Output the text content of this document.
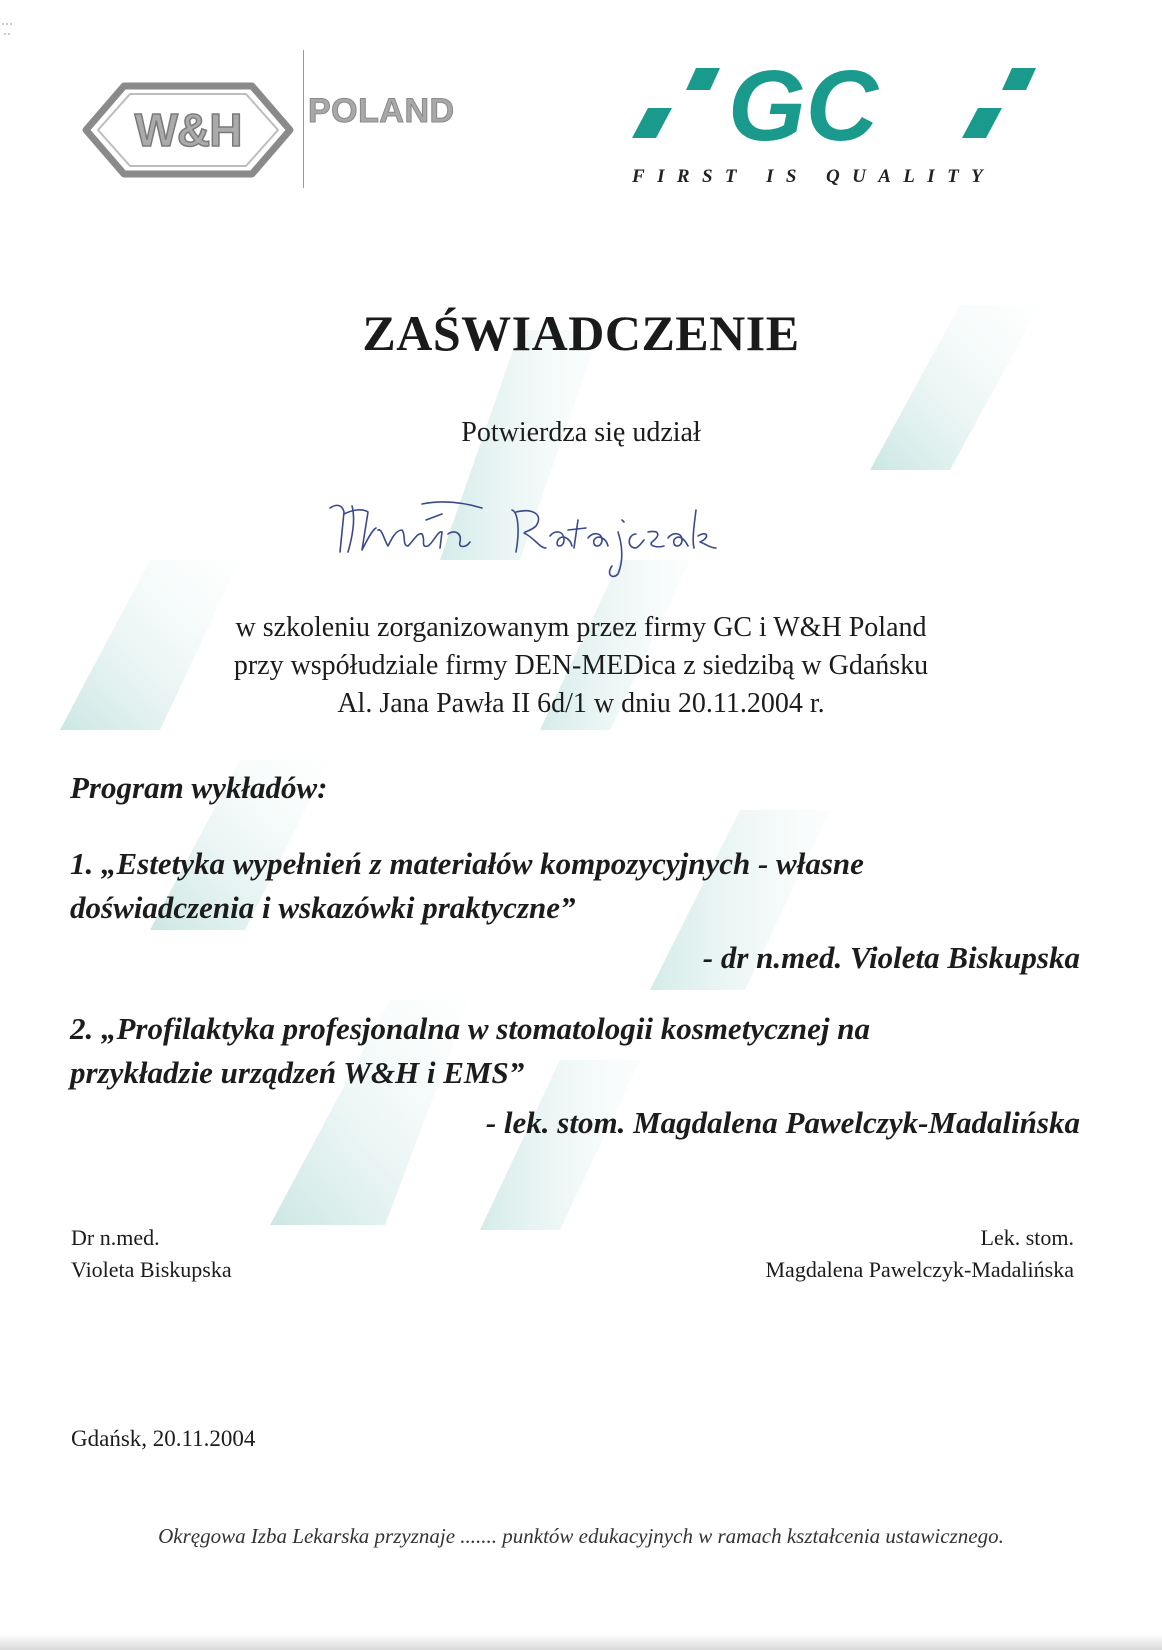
W&H POLAND	GC
FIRST IS QUALITY
ZAŚWIADCZENIE
Potwierdza się udział
w szkoleniu zorganizowanym przez firmy GC i W&H Poland
przy współudziale firmy DEN-MEDica z siedzibą w Gdańsku
Al. Jana Pawła II 6d/1 w dniu 20.11.2004 r.
Program wykładów:
1. „Estetyka wypełnień z materiałów kompozycyjnych - własne
doświadczenia i wskazówki praktyczne”
- dr n.med. Violeta Biskupska
2. „Profilaktyka profesjonalna w stomatologii kosmetycznej na
przykładzie urządzeń W&H i EMS”
- lek. stom. Magdalena Pawelczyk-Madalińska
Dr n.med.
Violeta Biskupska
Lek. stom.
Magdalena Pawelczyk-Madalińska
Gdańsk, 20.11.2004
Okręgowa Izba Lekarska przyznaje ....... punktów edukacyjnych w ramach kształcenia ustawicznego.
